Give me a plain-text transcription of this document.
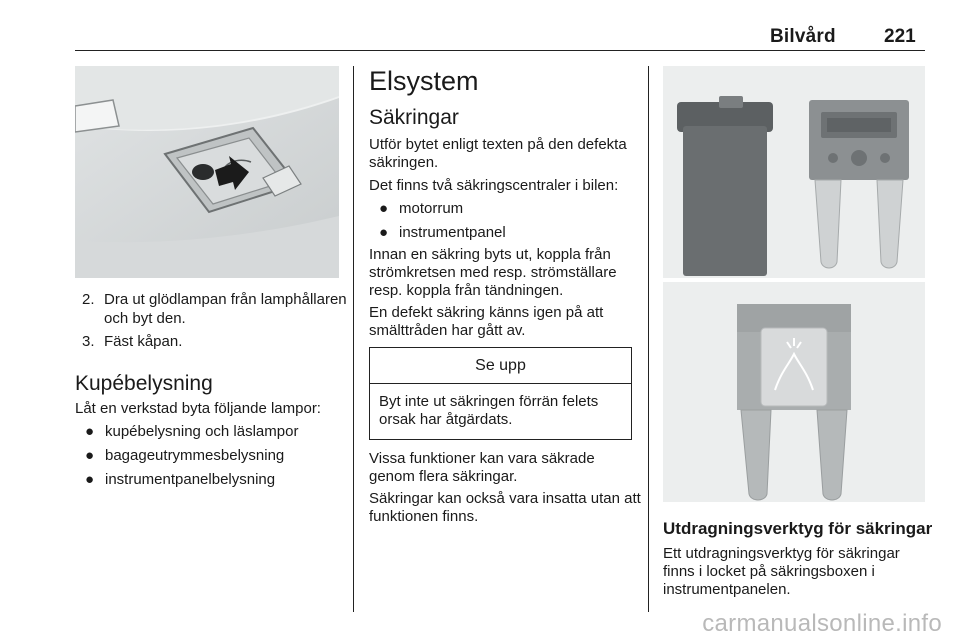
Bilvård	221
2. Dra ut glödlampan från lamphållaren och byt den.
3. Fäst kåpan.
Kupébelysning

Låt en verkstad byta följande lampor:

● kupébelysning och läslampor
● bagageutrymmesbelysning
● instrumentpanelbelysning
Elsystem
Säkringar

Utför bytet enligt texten på den defekta säkringen.

Det finns två säkringscentraler i bilen:

● motorrum
● instrumentpanel

Innan en säkring byts ut, koppla från strömkretsen med resp. strömställare resp. koppla från tändningen.

En defekt säkring känns igen på att smälttråden har gått av.

Se upp
Byt inte ut säkringen förrän felets orsak har åtgärdats.

Vissa funktioner kan vara säkrade genom flera säkringar.

Säkringar kan också vara insatta utan att funktionen finns.

Utdragningsverktyg för säkringar

Ett utdragningsverktyg för säkringar finns i locket på säkringsboxen i instrumentpanelen.

carmanualsonline.info
